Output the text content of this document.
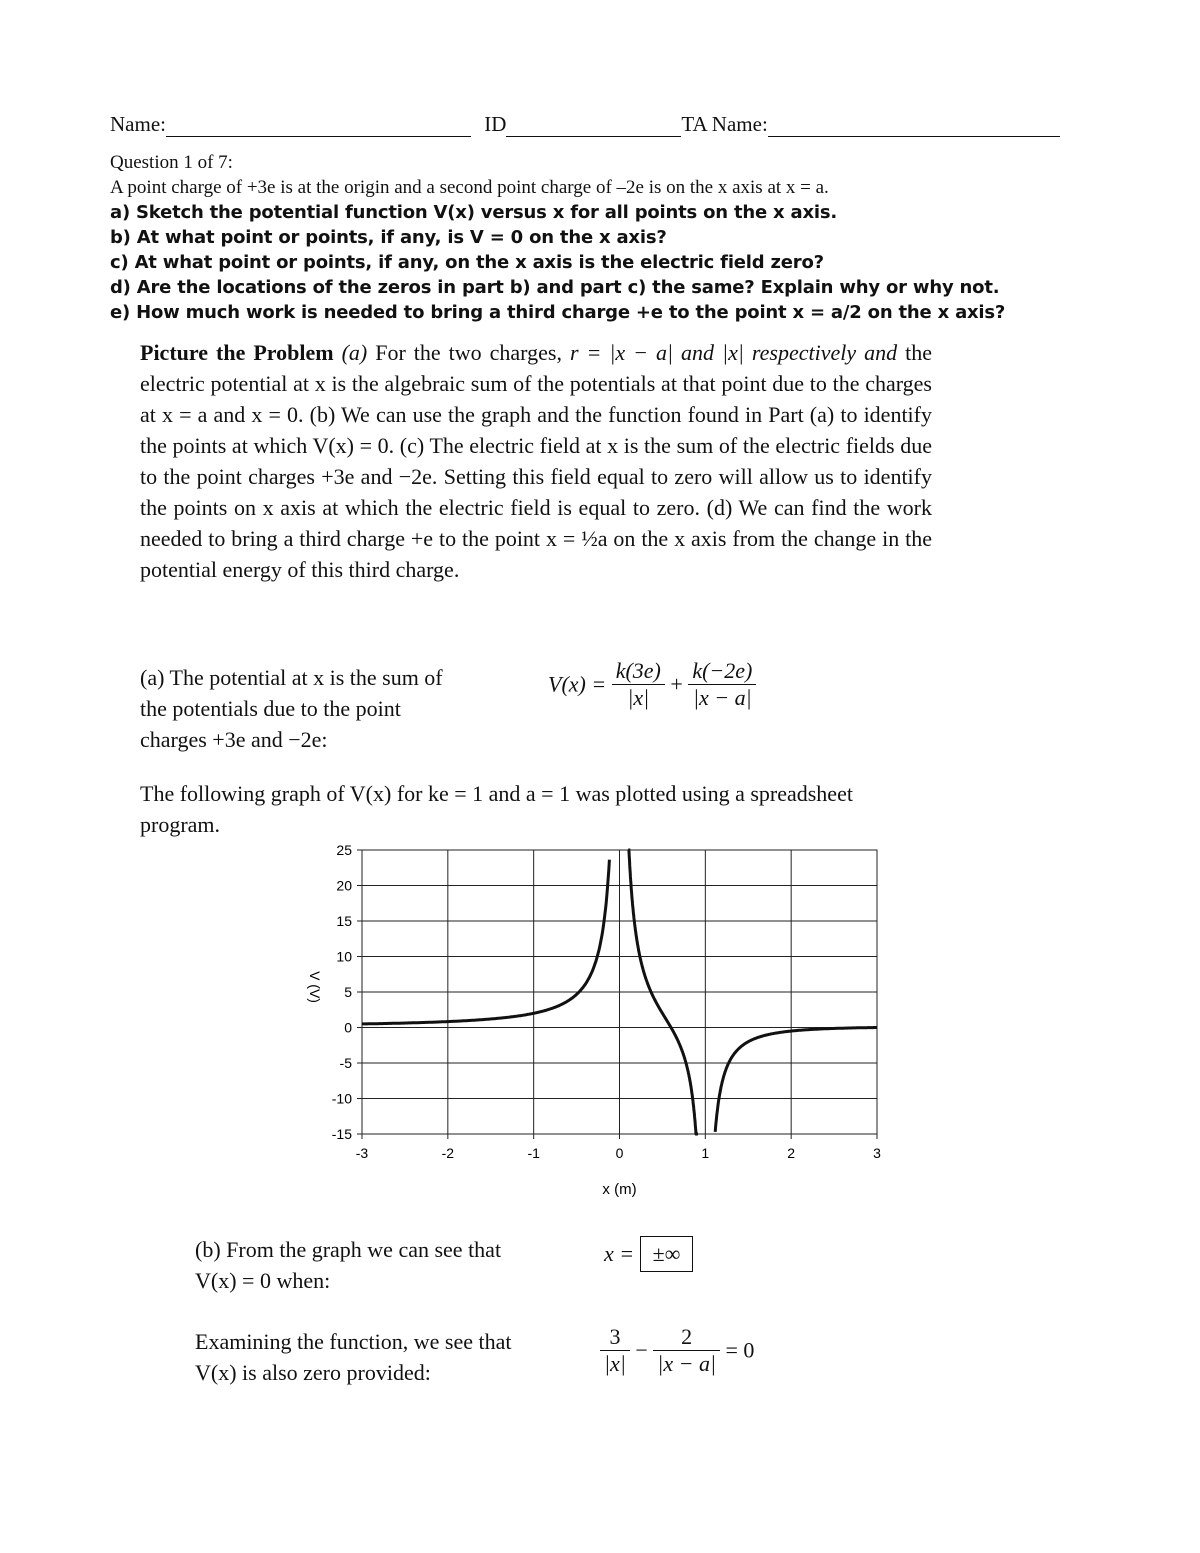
Name:	ID	TA Name:
Question 1 of 7:
A point charge of +3e is at the origin and a second point charge of –2e is on the x axis at x = a.
a) Sketch the potential function V(x) versus x for all points on the x axis.
b) At what point or points, if any, is V = 0 on the x axis?
c) At what point or points, if any, on the x axis is the electric field zero?
d) Are the locations of the zeros in part b) and part c) the same? Explain why or why not.
e) How much work is needed to bring a third charge +e to the point x = a/2 on the x axis?

Picture the Problem (a) For the two charges, r = |x − a| and |x| respectively and the electric potential at x is the algebraic sum of the potentials at that point due to the charges at x = a and x = 0. (b) We can use the graph and the function found in Part (a) to identify the points at which V(x) = 0. (c) The electric field at x is the sum of the electric fields due to the point charges +3e and −2e. Setting this field equal to zero will allow us to identify the points on x axis at which the electric field is equal to zero. (d) We can find the work needed to bring a third charge +e to the point x = ½a on the x axis from the change in the potential energy of this third charge.

(a) The potential at x is the sum of
the potentials due to the point
charges +3e and −2e:
$V(x) = \frac{k(3e)}{|x|} + \frac{k(-2e)}{|x - a|}$
The following graph of V(x) for ke = 1 and a = 1 was plotted using a spreadsheet
program.
-15
-10
-5
0
5
10
15
20
25
-3	-2	-1	0	1	2	3
V (V)
x (m)
(b) From the graph we can see that
V(x) = 0 when:
x = ±∞
Examining the function, we see that
V(x) is also zero provided:	$\frac{3}{|x|} - \frac{2}{|x - a|} = 0$
